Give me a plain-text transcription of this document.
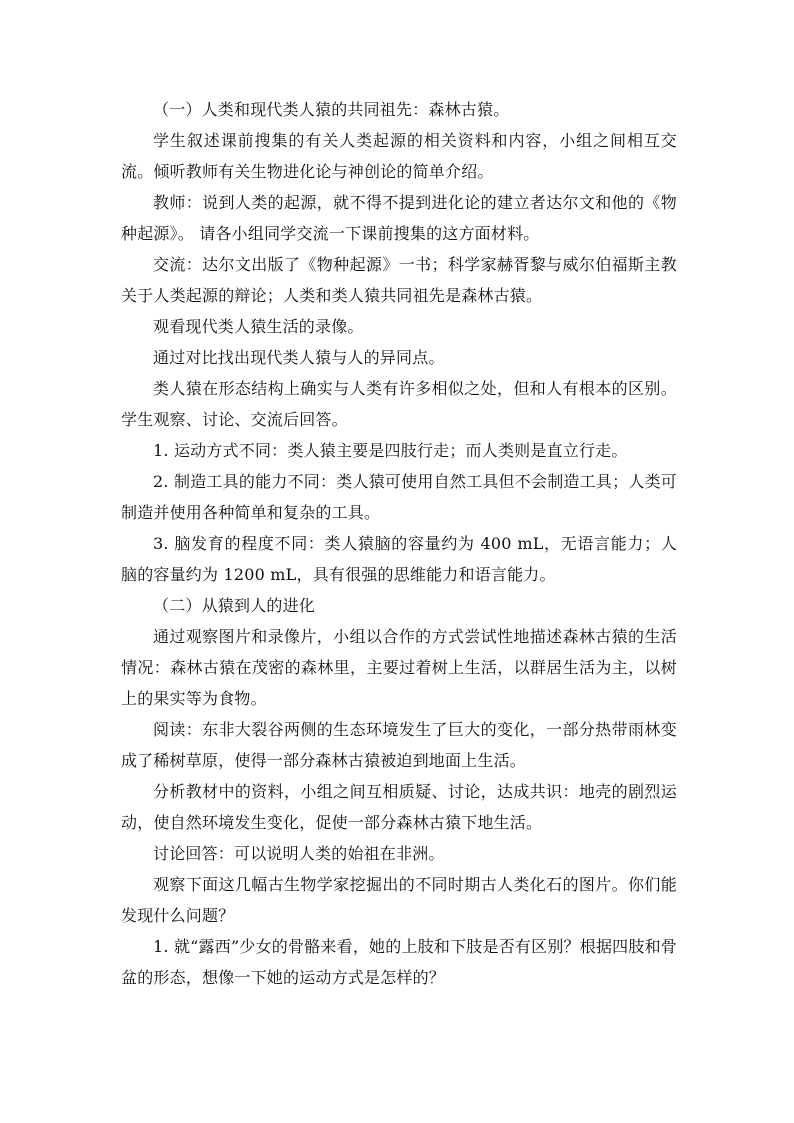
（一）人类和现代类人猿的共同祖先：森林古猿。

学生叙述课前搜集的有关人类起源的相关资料和内容，小组之间相互交流。倾听教师有关生物进化论与神创论的简单介绍。

教师：说到人类的起源，就不得不提到进化论的建立者达尔文和他的《物种起源》。 请各小组同学交流一下课前搜集的这方面材料。

交流：达尔文出版了《物种起源》一书；科学家赫胥黎与威尔伯福斯主教关于人类起源的辩论；人类和类人猿共同祖先是森林古猿。

观看现代类人猿生活的录像。

通过对比找出现代类人猿与人的异同点。

类人猿在形态结构上确实与人类有许多相似之处，但和人有根本的区别。学生观察、讨论、交流后回答。

1. 运动方式不同：类人猿主要是四肢行走；而人类则是直立行走。

2. 制造工具的能力不同：类人猿可使用自然工具但不会制造工具；人类可制造并使用各种简单和复杂的工具。

3. 脑发育的程度不同：类人猿脑的容量约为 400 mL，无语言能力；人脑的容量约为 1200 mL，具有很强的思维能力和语言能力。

（二）从猿到人的进化

通过观察图片和录像片，小组以合作的方式尝试性地描述森林古猿的生活情况：森林古猿在茂密的森林里，主要过着树上生活，以群居生活为主，以树上的果实等为食物。

阅读：东非大裂谷两侧的生态环境发生了巨大的变化，一部分热带雨林变成了稀树草原，使得一部分森林古猿被迫到地面上生活。

分析教材中的资料，小组之间互相质疑、讨论，达成共识：地壳的剧烈运动，使自然环境发生变化，促使一部分森林古猿下地生活。

讨论回答：可以说明人类的始祖在非洲。

观察下面这几幅古生物学家挖掘出的不同时期古人类化石的图片。你们能发现什么问题？

1. 就“露西”少女的骨骼来看，她的上肢和下肢是否有区别？根据四肢和骨盆的形态，想像一下她的运动方式是怎样的？
